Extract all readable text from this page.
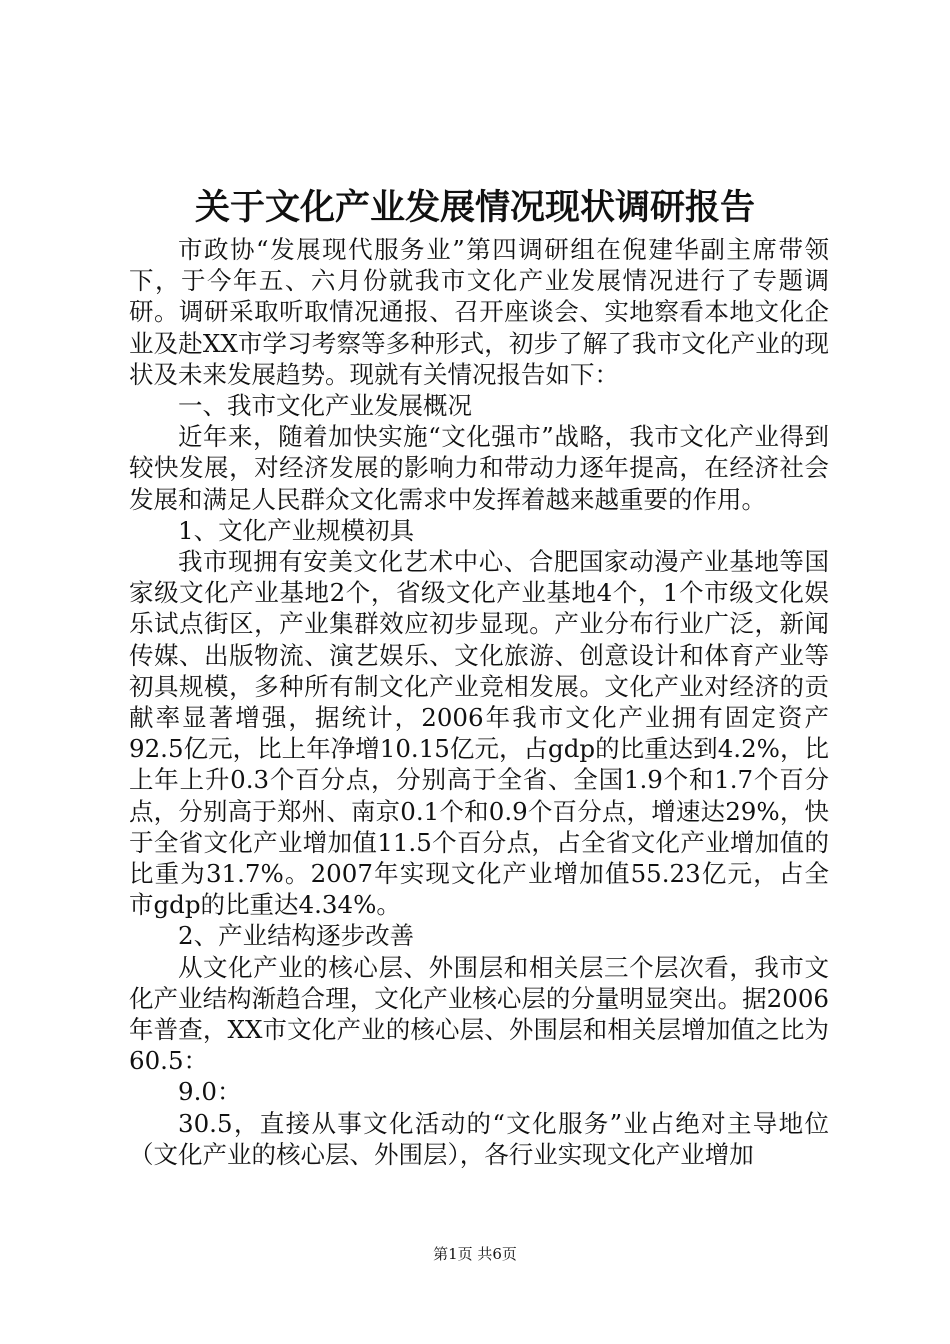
关于文化产业发展情况现状调研报告

市政协“发展现代服务业”第四调研组在倪建华副主席带领下，于今年五、六月份就我市文化产业发展情况进行了专题调研。调研采取听取情况通报、召开座谈会、实地察看本地文化企业及赴XX市学习考察等多种形式，初步了解了我市文化产业的现状及未来发展趋势。现就有关情况报告如下：

一、我市文化产业发展概况

近年来，随着加快实施“文化强市”战略，我市文化产业得到较快发展，对经济发展的影响力和带动力逐年提高，在经济社会发展和满足人民群众文化需求中发挥着越来越重要的作用。

1、文化产业规模初具

我市现拥有安美文化艺术中心、合肥国家动漫产业基地等国家级文化产业基地2个，省级文化产业基地4个，1个市级文化娱乐试点街区，产业集群效应初步显现。产业分布行业广泛，新闻传媒、出版物流、演艺娱乐、文化旅游、创意设计和体育产业等初具规模，多种所有制文化产业竞相发展。文化产业对经济的贡献率显著增强，据统计，2006年我市文化产业拥有固定资产92.5亿元，比上年净增10.15亿元，占gdp的比重达到4.2%，比上年上升0.3个百分点，分别高于全省、全国1.9个和1.7个百分点，分别高于郑州、南京0.1个和0.9个百分点，增速达29%，快于全省文化产业增加值11.5个百分点，占全省文化产业增加值的比重为31.7%。2007年实现文化产业增加值55.23亿元，占全市gdp的比重达4.34%。

2、产业结构逐步改善

从文化产业的核心层、外围层和相关层三个层次看，我市文化产业结构渐趋合理，文化产业核心层的分量明显突出。据2006年普查，XX市文化产业的核心层、外围层和相关层增加值之比为60.5：

9.0：

30.5，直接从事文化活动的“文化服务”业占绝对主导地位（文化产业的核心层、外围层），各行业实现文化产业增加

第1页 共6页
